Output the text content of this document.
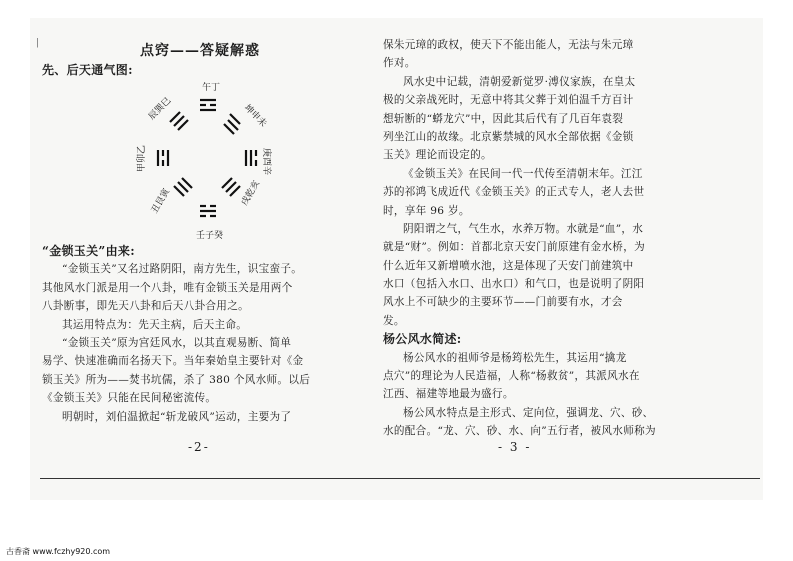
|	点窍——答疑解惑
先、后天通气图:
午丁
坤申未
庚酉辛
戌乾亥
壬子癸
丑艮寅
甲卯乙
辰巽巳
“金锁玉关”由来:
“金锁玉关”又名过路阴阳，南方先生，识宝蛮子。
其他风水门派是用一个八卦，唯有金锁玉关是用两个
八卦断事，即先天八卦和后天八卦合用之。
其运用特点为：先天主病，后天主命。
“金锁玉关”原为宫廷风水，以其直观易断、简单
易学、快速准确而名扬天下。当年秦始皇主要针对《金
锁玉关》所为——焚书坑儒，杀了 380 个风水师。以后
《金锁玉关》只能在民间秘密流传。
明朝时，刘伯温掀起“斩龙破风”运动，主要为了
-2-
保朱元璋的政权，使天下不能出能人，无法与朱元璋
作对。
风水史中记载，清朝爱新觉罗·溥仪家族，在皇太
极的父亲战死时，无意中将其父葬于刘伯温千方百计
想斩断的“蟒龙穴”中，因此其后代有了几百年袁裂
列坐江山的故缘。北京紫禁城的风水全部依据《金锁
玉关》理论而设定的。
《金锁玉关》在民间一代一代传至清朝末年。江江
苏的祁鸿飞成近代《金锁玉关》的正式专人，老人去世
时，享年 96 岁。
阴阳谓之气，气生水，水养万物。水就是“血”，水
就是“财”。例如：首都北京天安门前原建有金水桥，为
什么近年又新增喷水池，这是体现了天安门前建筑中
水口（包括入水口、出水口）和气口，也是说明了阴阳
风水上不可缺少的主要环节——门前要有水，才会
发。
杨公风水简述:
杨公风水的祖师爷是杨筠松先生，其运用“擒龙
点穴”的理论为人民造福，人称“杨救贫”，其派风水在
江西、福建等地最为盛行。
杨公风水特点是主形式、定向位，强调龙、穴、砂、
水的配合。“龙、穴、砂、水、向”五行者，被风水师称为
- 3 -
古香斋 www.fczhy920.com
